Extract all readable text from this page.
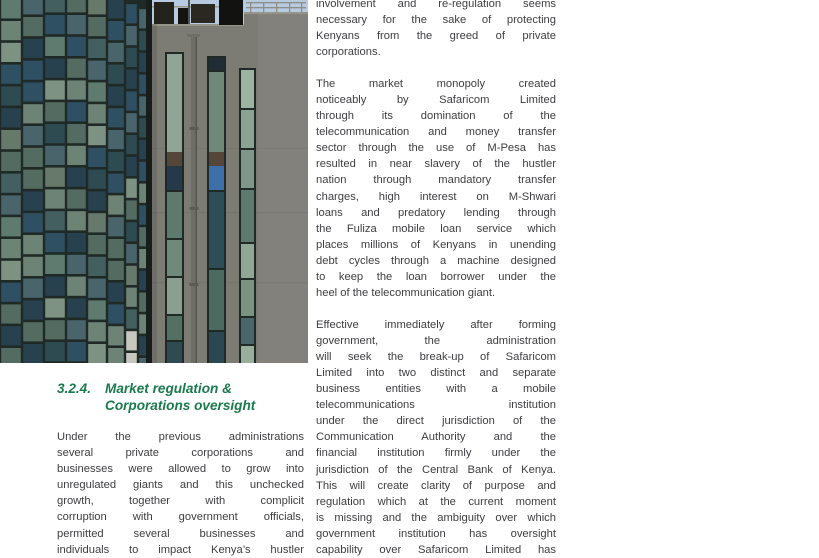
3.2.4.	Market regulation &
Corporations oversight
Under the previous administrations
several private corporations and
businesses were allowed to grow into
unregulated giants and this unchecked
growth, together with complicit
corruption with government officials,
permitted several businesses and
individuals to impact Kenya’s hustler
involvement and re-regulation seems
necessary for the sake of protecting
Kenyans from the greed of private
corporations.
The market monopoly created
noticeably by Safaricom Limited
through its domination of the
telecommunication and money transfer
sector through the use of M-Pesa has
resulted in near slavery of the hustler
nation through mandatory transfer
charges, high interest on M-Shwari
loans and predatory lending through
the Fuliza mobile loan service which
places millions of Kenyans in unending
debt cycles through a machine designed
to keep the loan borrower under the
heel of the telecommunication giant.
Effective immediately after forming
government, the administration
will seek the break-up of Safaricom
Limited into two distinct and separate
business entities with a mobile
telecommunications institution
under the direct jurisdiction of the
Communication Authority and the
financial institution firmly under the
jurisdiction of the Central Bank of Kenya.
This will create clarity of purpose and
regulation which at the current moment
is missing and the ambiguity over which
government institution has oversight
capability over Safaricom Limited has
